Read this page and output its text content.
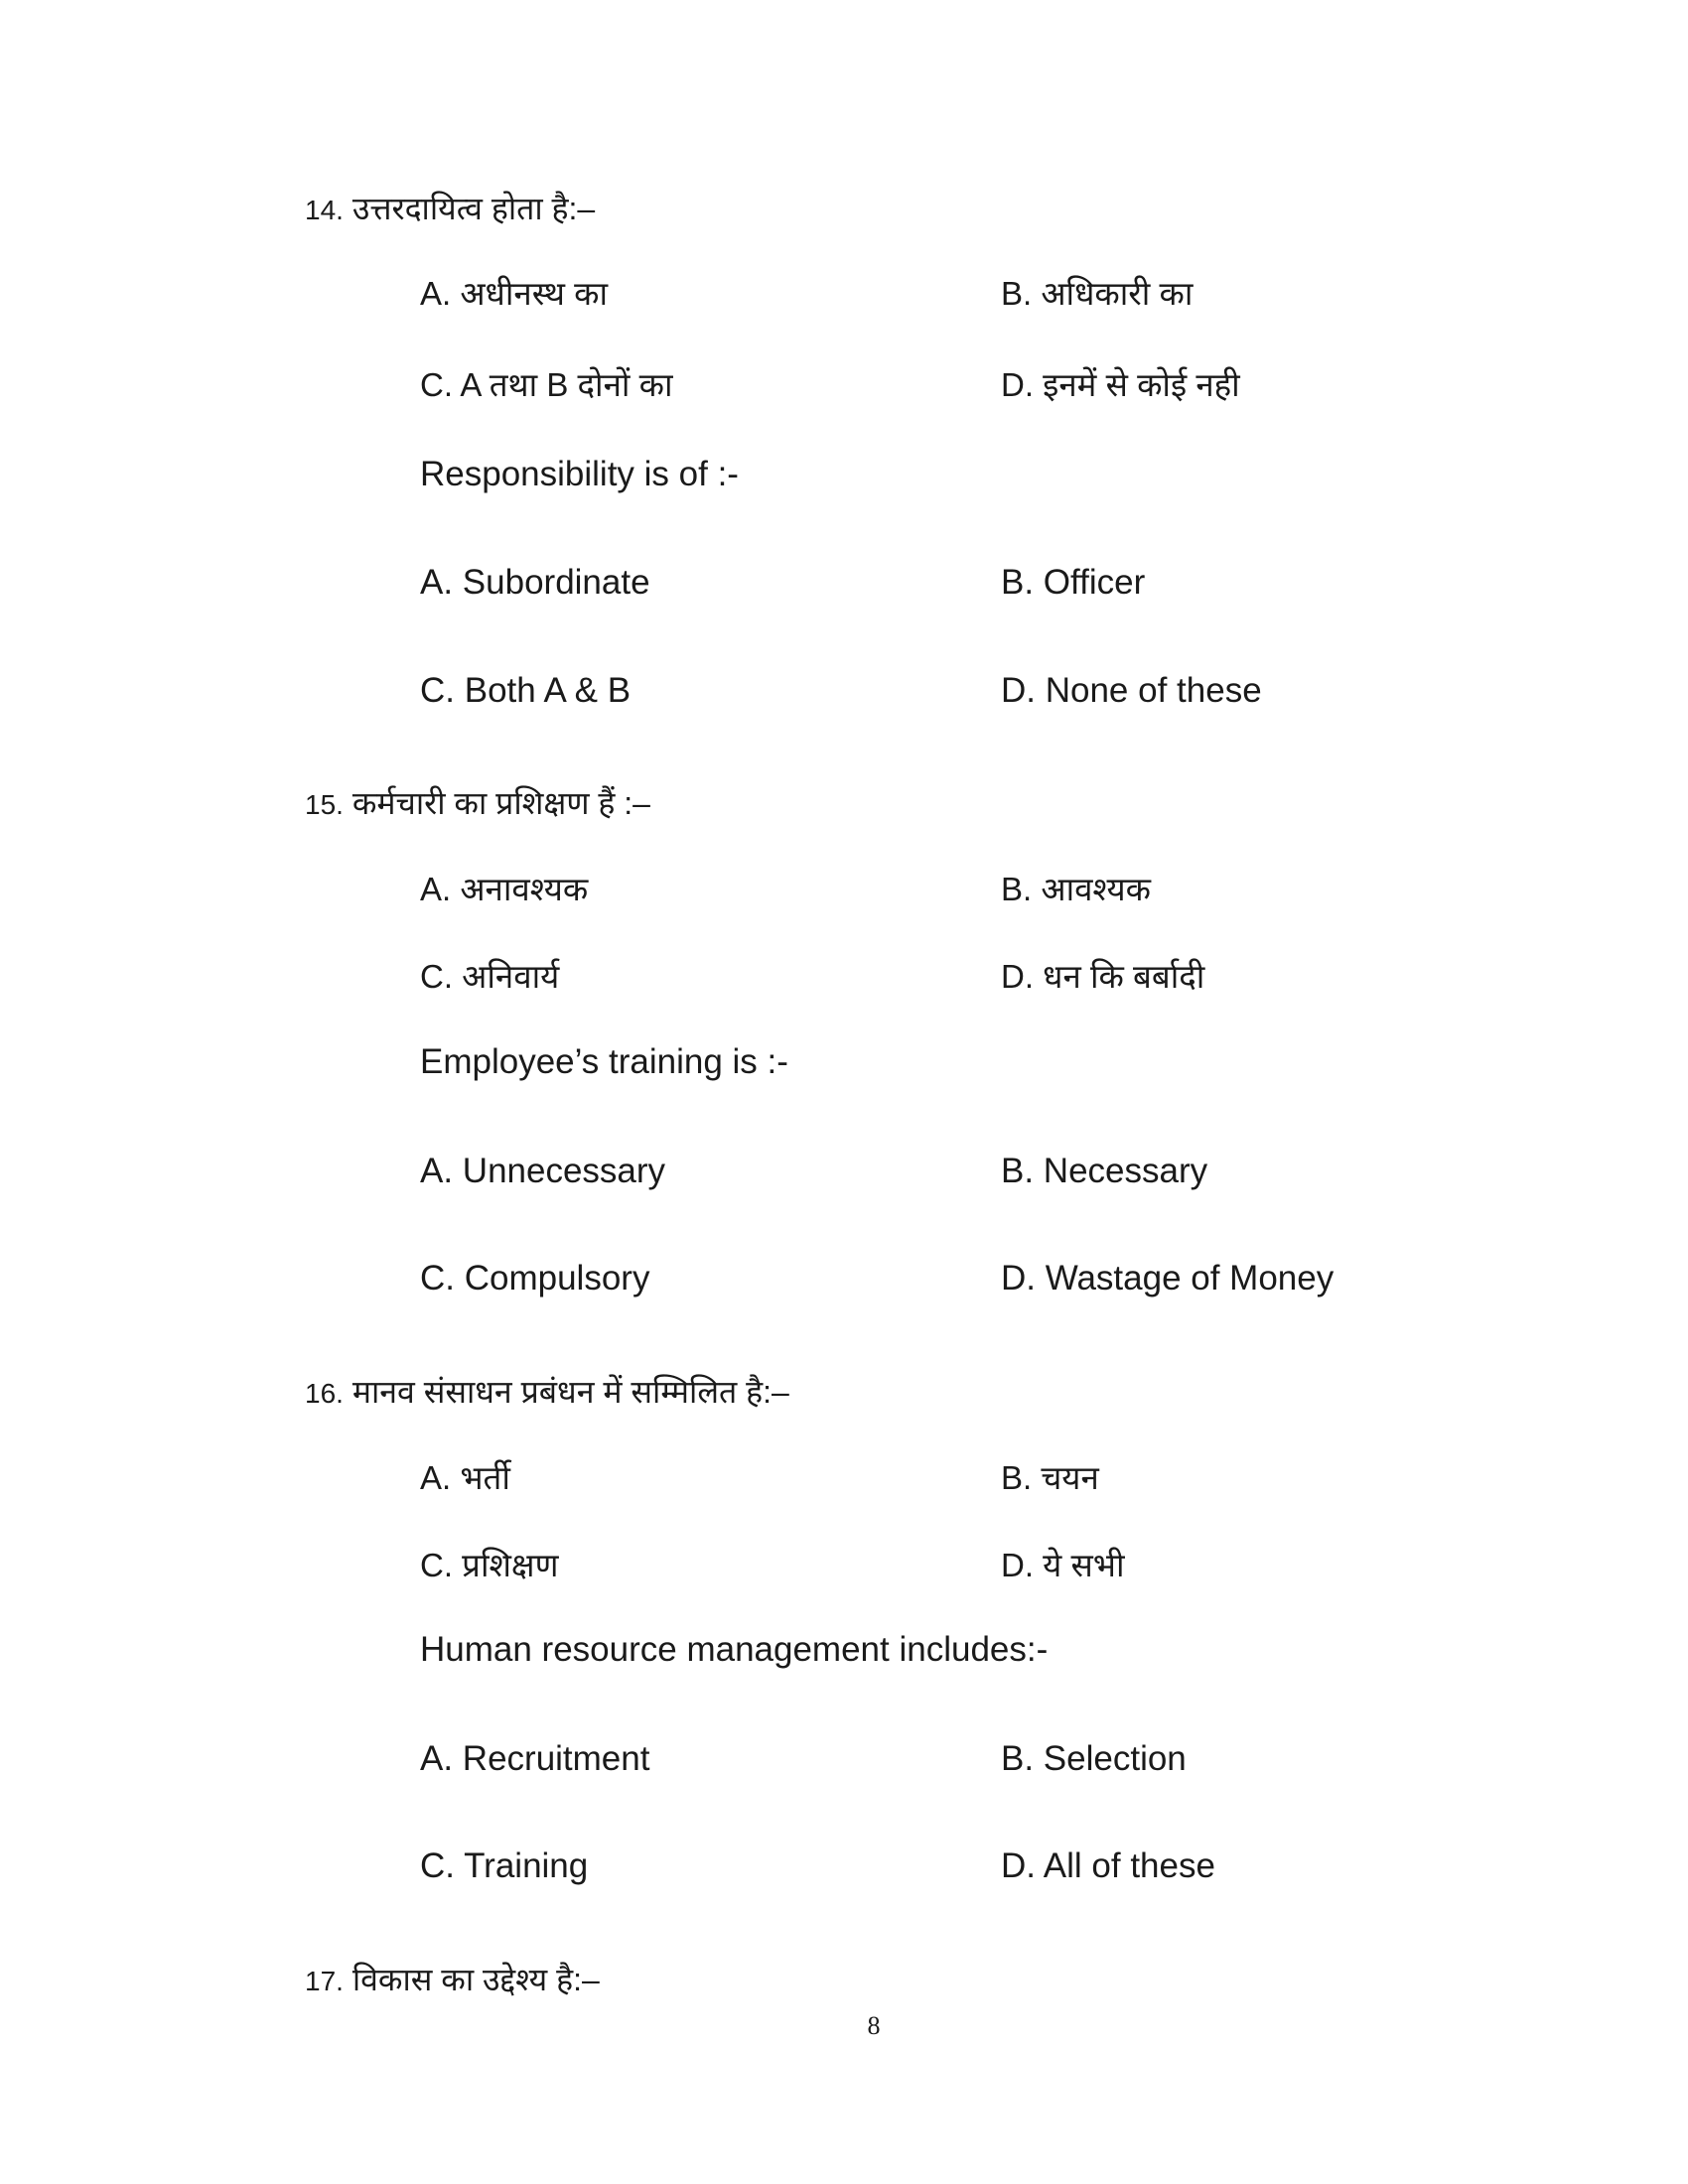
14. उत्तरदायित्व होता है:–
A. अधीनस्थ का	B. अधिकारी का
C. A तथा B दोनों का	D. इनमें से कोई नही
Responsibility is of :-
A. Subordinate	B. Officer
C. Both A & B	D. None of these
15. कर्मचारी का प्रशिक्षण हैं :–
A. अनावश्यक	B. आवश्यक
C. अनिवार्य	D. धन कि बर्बादी
Employee’s training is :-
A. Unnecessary	B. Necessary
C. Compulsory	D. Wastage of Money
16. मानव संसाधन प्रबंधन में सम्मिलित है:–
A. भर्ती	B. चयन
C. प्रशिक्षण	D. ये सभी
Human resource management includes:-
A. Recruitment	B. Selection
C. Training	D. All of these
17. विकास का उद्देश्य है:–
8
